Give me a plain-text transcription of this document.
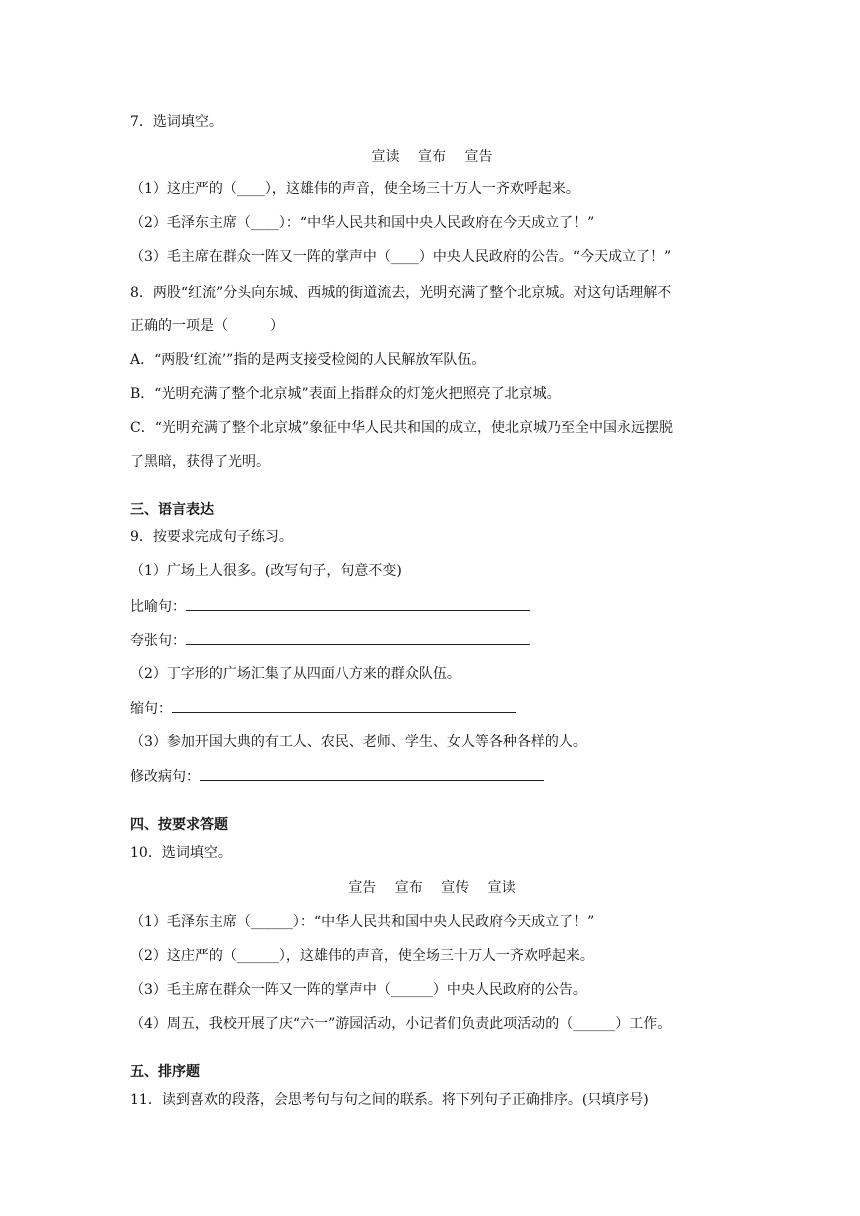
7．选词填空。
宣读 宣布 宣告
（1）这庄严的（____），这雄伟的声音，使全场三十万人一齐欢呼起来。
（2）毛泽东主席（____）：“中华人民共和国中央人民政府在今天成立了！”
（3）毛主席在群众一阵又一阵的掌声中（____）中央人民政府的公告。“今天成立了！”
8．两股“红流”分头向东城、西城的街道流去，光明充满了整个北京城。对这句话理解不
正确的一项是（　　　）
A．“两股‘红流’”指的是两支接受检阅的人民解放军队伍。
B．“光明充满了整个北京城”表面上指群众的灯笼火把照亮了北京城。
C．“光明充满了整个北京城”象征中华人民共和国的成立，使北京城乃至全中国永远摆脱
了黑暗，获得了光明。
三、语言表达
9．按要求完成句子练习。
（1）广场上人很多。(改写句子，句意不变)
比喻句：
夸张句：
（2）丁字形的广场汇集了从四面八方来的群众队伍。
缩句：
（3）参加开国大典的有工人、农民、老师、学生、女人等各种各样的人。
修改病句：
四、按要求答题
10．选词填空。
宣告 宣布 宣传 宣读
（1）毛泽东主席（______）：“中华人民共和国中央人民政府今天成立了！”
（2）这庄严的（______），这雄伟的声音，使全场三十万人一齐欢呼起来。
（3）毛主席在群众一阵又一阵的掌声中（______）中央人民政府的公告。
（4）周五，我校开展了庆“六一”游园活动，小记者们负责此项活动的（______）工作。
五、排序题
11．读到喜欢的段落，会思考句与句之间的联系。将下列句子正确排序。(只填序号)
